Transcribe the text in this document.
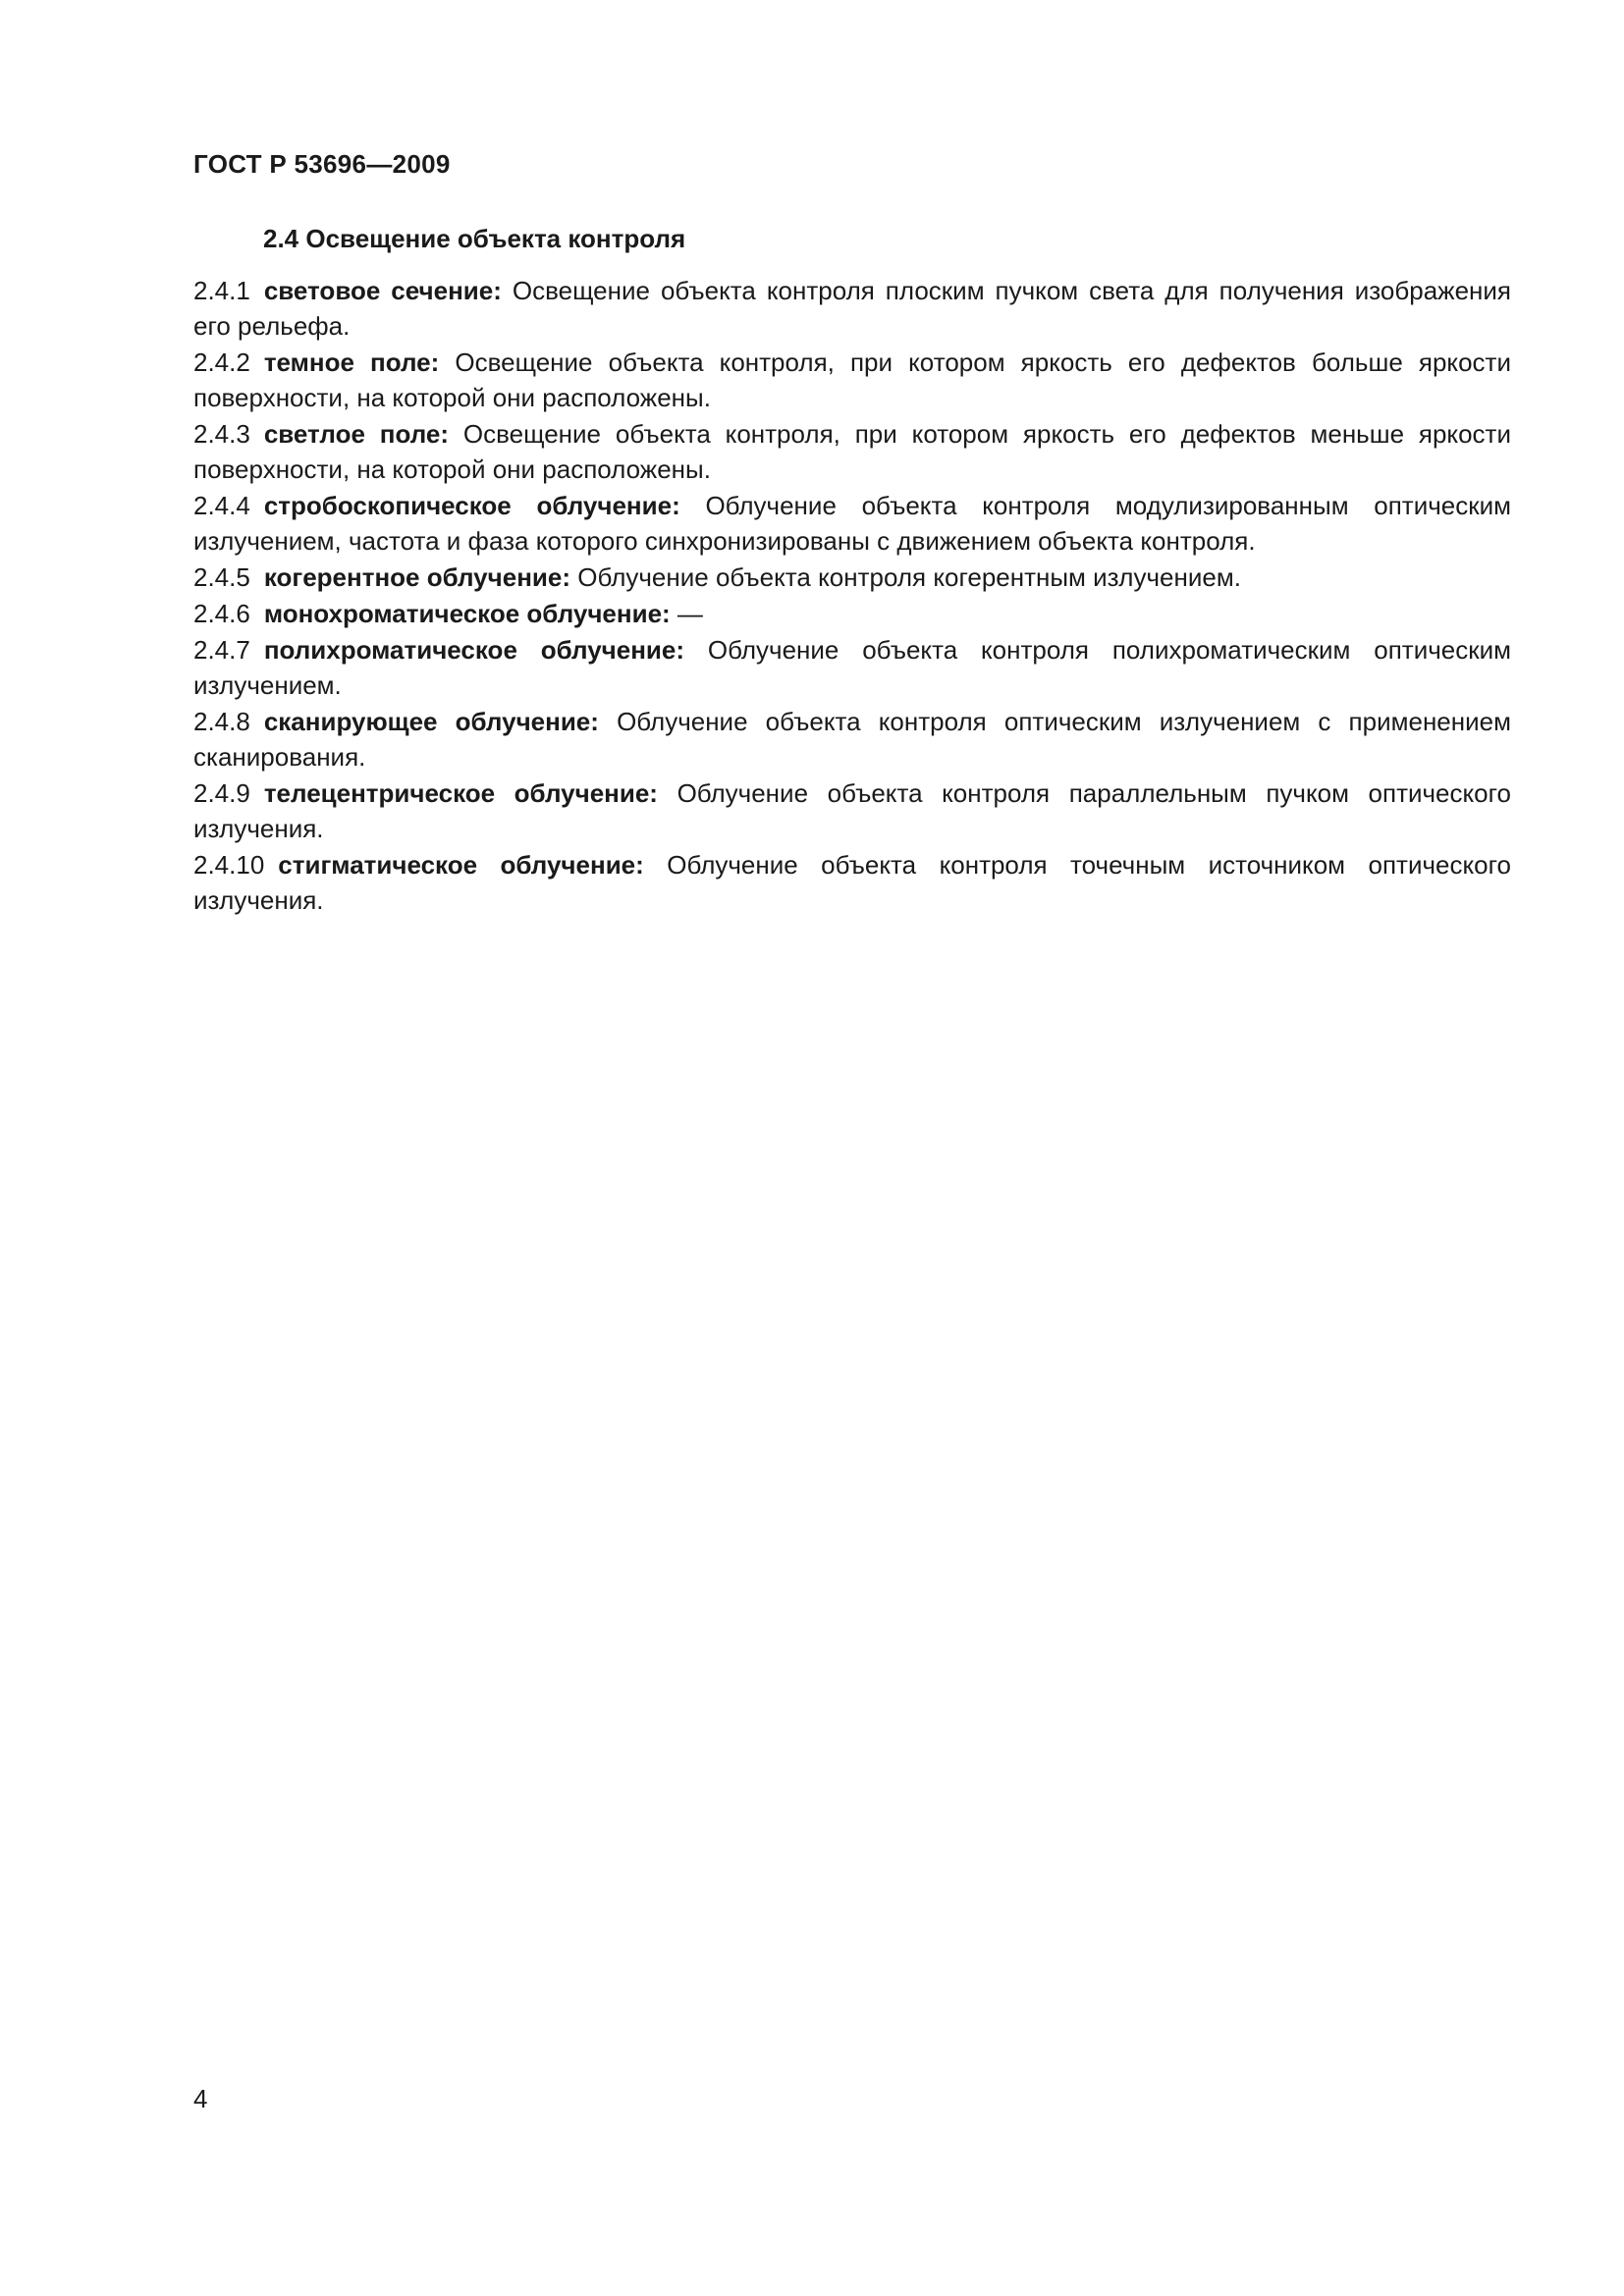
ГОСТ Р 53696—2009
2.4 Освещение объекта контроля
2.4.1 световое сечение: Освещение объекта контроля плоским пучком света для получения изображения его рельефа.
2.4.2 темное поле: Освещение объекта контроля, при котором яркость его дефектов больше яркости поверхности, на которой они расположены.
2.4.3 светлое поле: Освещение объекта контроля, при котором яркость его дефектов меньше яркости поверхности, на которой они расположены.
2.4.4 стробоскопическое облучение: Облучение объекта контроля модулизированным оптическим излучением, частота и фаза которого синхронизированы с движением объекта контроля.
2.4.5 когерентное облучение: Облучение объекта контроля когерентным излучением.
2.4.6 монохроматическое облучение: —
2.4.7 полихроматическое облучение: Облучение объекта контроля полихроматическим оптическим излучением.
2.4.8 сканирующее облучение: Облучение объекта контроля оптическим излучением с применением сканирования.
2.4.9 телецентрическое облучение: Облучение объекта контроля параллельным пучком оптического излучения.
2.4.10 стигматическое облучение: Облучение объекта контроля точечным источником оптического излучения.
4
